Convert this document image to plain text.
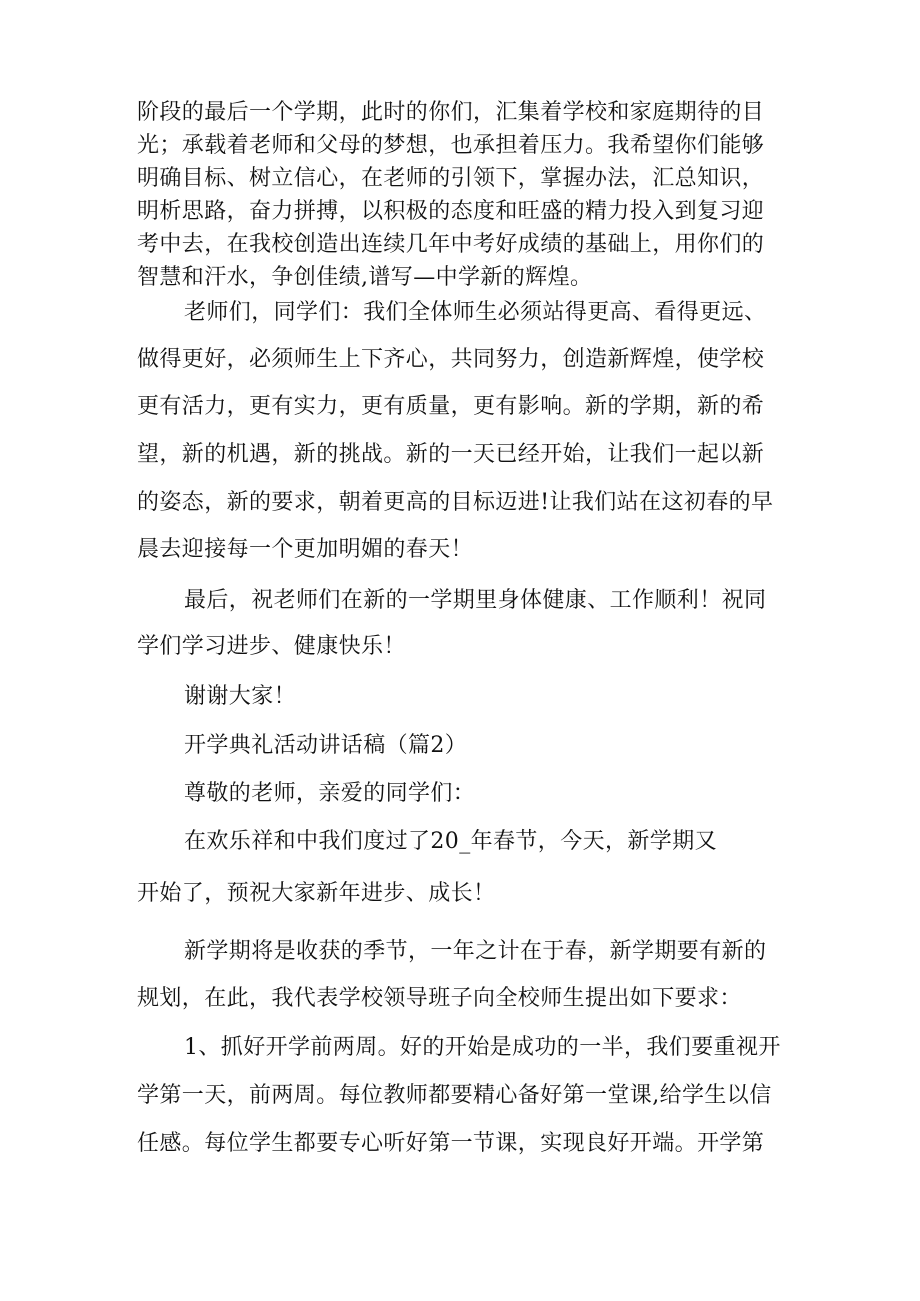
阶段的最后一个学期，此时的你们，汇集着学校和家庭期待的目

光；承载着老师和父母的梦想，也承担着压力。我希望你们能够

明确目标、树立信心，在老师的引领下，掌握办法，汇总知识，

明析思路，奋力拼搏，以积极的态度和旺盛的精力投入到复习迎

考中去，在我校创造出连续几年中考好成绩的基础上，用你们的

智慧和汗水，争创佳绩,谱写—中学新的辉煌。

老师们，同学们：我们全体师生必须站得更高、看得更远、

做得更好，必须师生上下齐心，共同努力，创造新辉煌，使学校

更有活力，更有实力，更有质量，更有影响。新的学期，新的希

望，新的机遇，新的挑战。新的一天已经开始，让我们一起以新

的姿态，新的要求，朝着更高的目标迈进!让我们站在这初春的早

晨去迎接每一个更加明媚的春天！

最后，祝老师们在新的一学期里身体健康、工作顺利！祝同

学们学习进步、健康快乐！

谢谢大家！

开学典礼活动讲话稿（篇2）

尊敬的老师，亲爱的同学们：

在欢乐祥和中我们度过了20_年春节，今天，新学期又

开始了，预祝大家新年进步、成长！

新学期将是收获的季节，一年之计在于春，新学期要有新的

规划，在此，我代表学校领导班子向全校师生提出如下要求：

1、抓好开学前两周。好的开始是成功的一半，我们要重视开

学第一天，前两周。每位教师都要精心备好第一堂课,给学生以信

任感。每位学生都要专心听好第一节课，实现良好开端。开学第
